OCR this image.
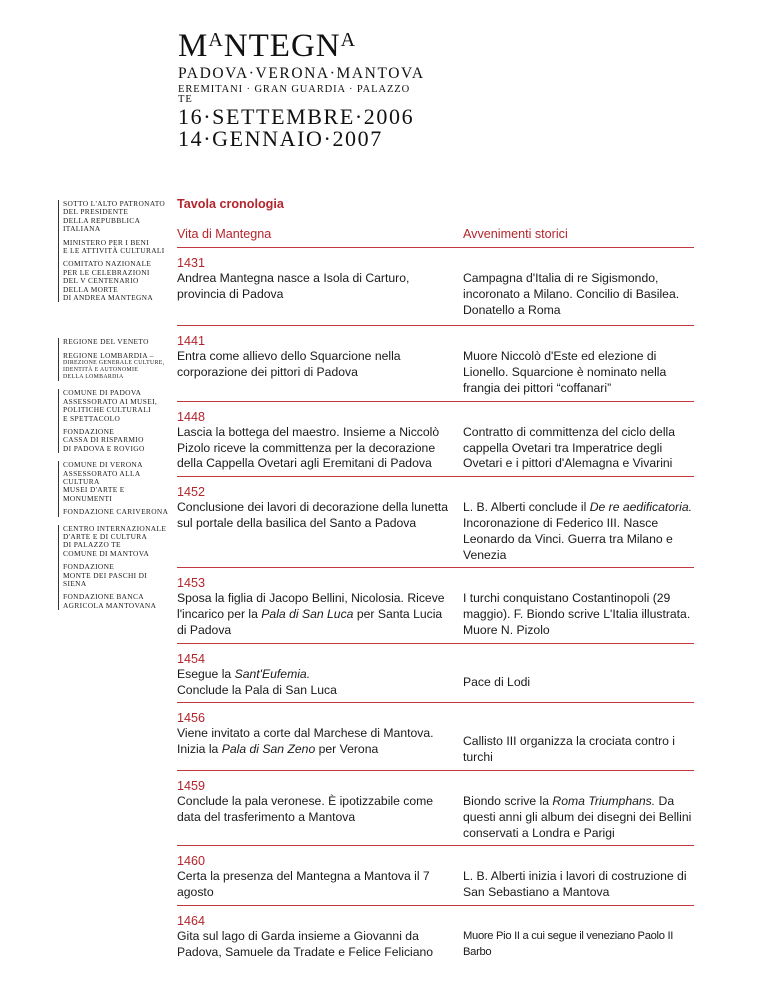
$M^ANTEGN^A$
PADOVA·VERONA·MANTOVA
EREMITANI · GRAN GUARDIA · PALAZZO TE
16·SETTEMBRE·2006
14·GENNAIO·2007
SOTTO L'ALTO PATRONATO
DEL PRESIDENTE
DELLA REPUBBLICA ITALIANA
MINISTERO PER I BENI
E LE ATTIVITÀ CULTURALI
COMITATO NAZIONALE
PER LE CELEBRAZIONI
DEL V CENTENARIO
DELLA MORTE
DI ANDREA MANTEGNA
REGIONE DEL VENETO
REGIONE LOMBARDIA –
DIREZIONE GENERALE CULTURE,
IDENTITÀ E AUTONOMIE
DELLA LOMBARDIA
COMUNE DI PADOVA
ASSESSORATO AI MUSEI,
POLITICHE CULTURALI
E SPETTACOLO
FONDAZIONE
CASSA DI RISPARMIO
DI PADOVA E ROVIGO
COMUNE DI VERONA
ASSESSORATO ALLA CULTURA
MUSEI D'ARTE E MONUMENTI
FONDAZIONE CARIVERONA
CENTRO INTERNAZIONALE
D'ARTE E DI CULTURA
DI PALAZZO TE
COMUNE DI MANTOVA
FONDAZIONE
MONTE DEI PASCHI DI SIENA
FONDAZIONE BANCA
AGRICOLA MANTOVANA
Tavola cronologia
Vita di Mantegna	Avvenimenti storici
1431
Andrea Mantegna nasce a Isola di Carturo, provincia di Padova
Campagna d'Italia di re Sigismondo, incoronato a Milano. Concilio di Basilea. Donatello a Roma
1441
Entra come allievo dello Squarcione nella corporazione dei pittori di Padova
Muore Niccolò d'Este ed elezione di Lionello. Squarcione è nominato nella frangia dei pittori “coffanari”
1448
Lascia la bottega del maestro. Insieme a Niccolò Pizolo riceve la committenza per la decorazione della Cappella Ovetari agli Eremitani di Padova
Contratto di committenza del ciclo della cappella Ovetari tra Imperatrice degli Ovetari e i pittori d'Alemagna e Vivarini
1452
Conclusione dei lavori di decorazione della lunetta sul portale della basilica del Santo a Padova
L. B. Alberti conclude il De re aedificatoria. Incoronazione di Federico III. Nasce Leonardo da Vinci. Guerra tra Milano e Venezia
1453
Sposa la figlia di Jacopo Bellini, Nicolosia. Riceve l'incarico per la Pala di San Luca per Santa Lucia di Padova
I turchi conquistano Costantinopoli (29 maggio). F. Biondo scrive L'Italia illustrata. Muore N. Pizolo
1454
Esegue la Sant'Eufemia.
Conclude la Pala di San Luca
Pace di Lodi
1456
Viene invitato a corte dal Marchese di Mantova.
Inizia la Pala di San Zeno per Verona
Callisto III organizza la crociata contro i turchi
1459
Conclude la pala veronese. È ipotizzabile come data del trasferimento a Mantova
Biondo scrive la Roma Triumphans. Da questi anni gli album dei disegni dei Bellini conservati a Londra e Parigi
1460
Certa la presenza del Mantegna a Mantova il 7 agosto
L. B. Alberti inizia i lavori di costruzione di San Sebastiano a Mantova
1464
Gita sul lago di Garda insieme a Giovanni da Padova, Samuele da Tradate e Felice Feliciano
Muore Pio II a cui segue il veneziano Paolo II Barbo
